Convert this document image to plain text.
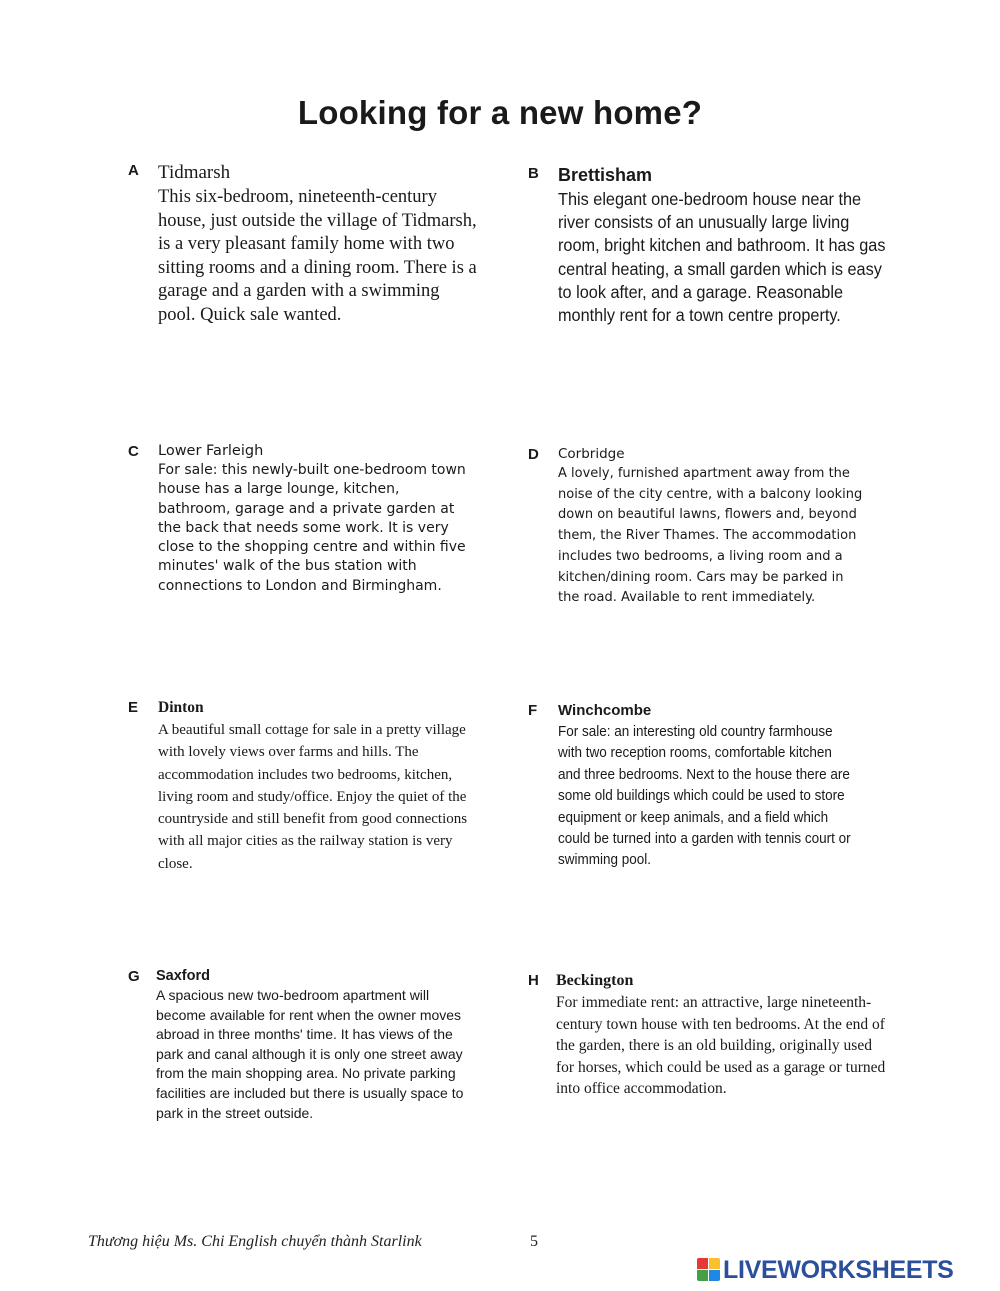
Looking for a new home?
A Tidmarsh

This six-bedroom, nineteenth-century house, just outside the village of Tidmarsh, is a very pleasant family home with two sitting rooms and a dining room. There is a garage and a garden with a swimming pool. Quick sale wanted.

B Brettisham

This elegant one-bedroom house near the river consists of an unusually large living room, bright kitchen and bathroom. It has gas central heating, a small garden which is easy to look after, and a garage. Reasonable monthly rent for a town centre property.

C Lower Farleigh

For sale: this newly-built one-bedroom town house has a large lounge, kitchen, bathroom, garage and a private garden at the back that needs some work. It is very close to the shopping centre and within five minutes' walk of the bus station with connections to London and Birmingham.

D Corbridge

A lovely, furnished apartment away from the noise of the city centre, with a balcony looking down on beautiful lawns, flowers and, beyond them, the River Thames. The accommodation includes two bedrooms, a living room and a kitchen/dining room. Cars may be parked in the road. Available to rent immediately.

E Dinton

A beautiful small cottage for sale in a pretty village with lovely views over farms and hills. The accommodation includes two bedrooms, kitchen, living room and study/office. Enjoy the quiet of the countryside and still benefit from good connections with all major cities as the railway station is very close.

F Winchcombe

For sale: an interesting old country farmhouse with two reception rooms, comfortable kitchen and three bedrooms. Next to the house there are some old buildings which could be used to store equipment or keep animals, and a field which could be turned into a garden with tennis court or swimming pool.

G Saxford

A spacious new two-bedroom apartment will become available for rent when the owner moves abroad in three months' time. It has views of the park and canal although it is only one street away from the main shopping area. No private parking facilities are included but there is usually space to park in the street outside.

H Beckington

For immediate rent: an attractive, large nineteenth-century town house with ten bedrooms. At the end of the garden, there is an old building, originally used for horses, which could be used as a garage or turned into office accommodation.

Thương hiệu Ms. Chi English chuyển thành Starlink	5
LIVEWORKSHEETS
